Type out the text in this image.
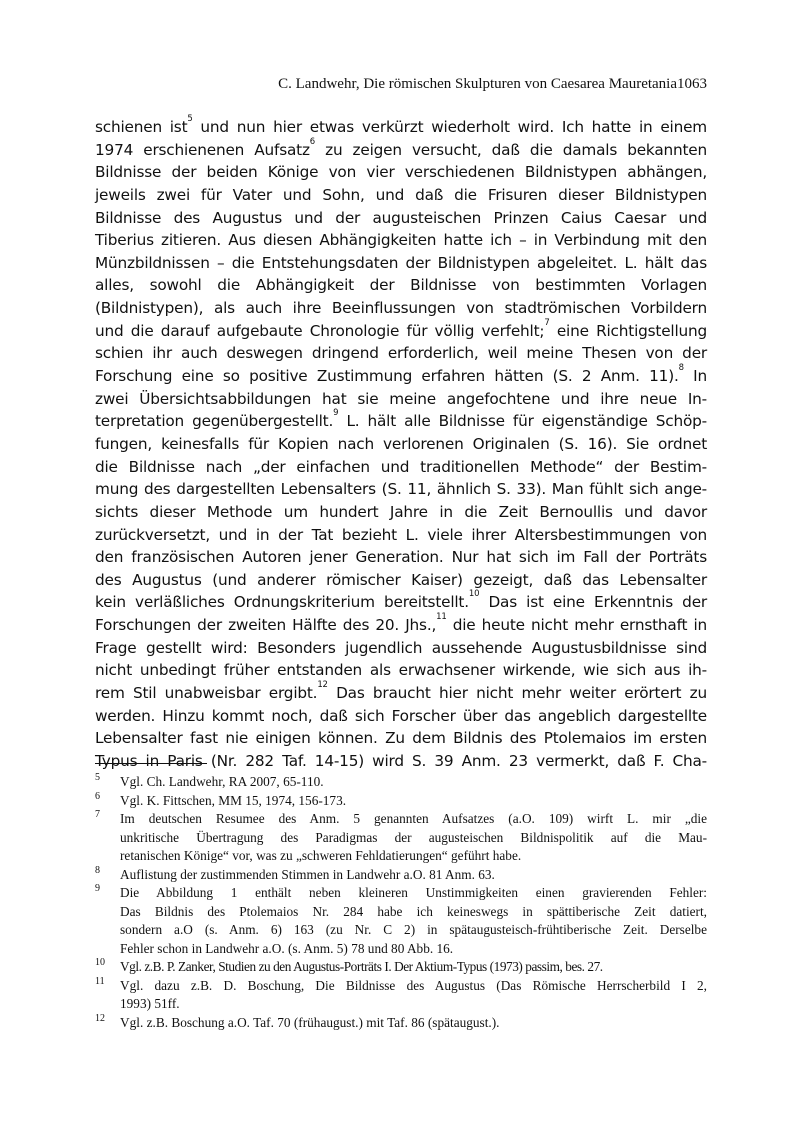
C. Landwehr, Die römischen Skulpturen von Caesarea Mauretania 1063
schienen ist$^5$ und nun hier etwas verkürzt wiederholt wird. Ich hatte in einem
1974 erschienenen Aufsatz$^6$ zu zeigen versucht, daß die damals bekannten
Bildnisse der beiden Könige von vier verschiedenen Bildnistypen abhängen,
jeweils zwei für Vater und Sohn, und daß die Frisuren dieser Bildnistypen
Bildnisse des Augustus und der augusteischen Prinzen Caius Caesar und
Tiberius zitieren. Aus diesen Abhängigkeiten hatte ich – in Verbindung mit den
Münzbildnissen – die Entstehungsdaten der Bildnistypen abgeleitet. L. hält das
alles, sowohl die Abhängigkeit der Bildnisse von bestimmten Vorlagen
(Bildnistypen), als auch ihre Beeinflussungen von stadtrömischen Vorbildern
und die darauf aufgebaute Chronologie für völlig verfehlt;$^7$ eine Richtigstellung
schien ihr auch deswegen dringend erforderlich, weil meine Thesen von der
Forschung eine so positive Zustimmung erfahren hätten (S. 2 Anm. 11).$^8$ In
zwei Übersichtsabbildungen hat sie meine angefochtene und ihre neue In-
terpretation gegenübergestellt.$^9$ L. hält alle Bildnisse für eigenständige Schöp-
fungen, keinesfalls für Kopien nach verlorenen Originalen (S. 16). Sie ordnet
die Bildnisse nach „der einfachen und traditionellen Methode“ der Bestim-
mung des dargestellten Lebensalters (S. 11, ähnlich S. 33). Man fühlt sich ange-
sichts dieser Methode um hundert Jahre in die Zeit Bernoullis und davor
zurückversetzt, und in der Tat bezieht L. viele ihrer Altersbestimmungen von
den französischen Autoren jener Generation. Nur hat sich im Fall der Porträts
des Augustus (und anderer römischer Kaiser) gezeigt, daß das Lebensalter
kein verläßliches Ordnungskriterium bereitstellt.$^{10}$ Das ist eine Erkenntnis der
Forschungen der zweiten Hälfte des 20. Jhs.,$^{11}$ die heute nicht mehr ernsthaft in
Frage gestellt wird: Besonders jugendlich aussehende Augustusbildnisse sind
nicht unbedingt früher entstanden als erwachsener wirkende, wie sich aus ih-
rem Stil unabweisbar ergibt.$^{12}$ Das braucht hier nicht mehr weiter erörtert zu
werden. Hinzu kommt noch, daß sich Forscher über das angeblich dargestellte
Lebensalter fast nie einigen können. Zu dem Bildnis des Ptolemaios im ersten
Typus in Paris (Nr. 282 Taf. 14-15) wird S. 39 Anm. 23 vermerkt, daß F. Cha-
5 Vgl. Ch. Landwehr, RA 2007, 65-110.
6 Vgl. K. Fittschen, MM 15, 1974, 156-173.
7 Im deutschen Resumee des Anm. 5 genannten Aufsatzes (a.O. 109) wirft L. mir „die
unkritische Übertragung des Paradigmas der augusteischen Bildnispolitik auf die Mau-
retanischen Könige“ vor, was zu „schweren Fehldatierungen“ geführt habe.
8 Auflistung der zustimmenden Stimmen in Landwehr a.O. 81 Anm. 63.
9 Die Abbildung 1 enthält neben kleineren Unstimmigkeiten einen gravierenden Fehler:
Das Bildnis des Ptolemaios Nr. 284 habe ich keineswegs in spättiberische Zeit datiert,
sondern a.O (s. Anm. 6) 163 (zu Nr. C 2) in spätaugusteisch-frühtiberische Zeit. Derselbe
Fehler schon in Landwehr a.O. (s. Anm. 5) 78 und 80 Abb. 16.
10 Vgl. z.B. P. Zanker, Studien zu den Augustus-Porträts I. Der Aktium-Typus (1973) passim, bes. 27.
11 Vgl. dazu z.B. D. Boschung, Die Bildnisse des Augustus (Das Römische Herrscherbild I 2,
1993) 51ff.
12 Vgl. z.B. Boschung a.O. Taf. 70 (frühaugust.) mit Taf. 86 (spätaugust.).
